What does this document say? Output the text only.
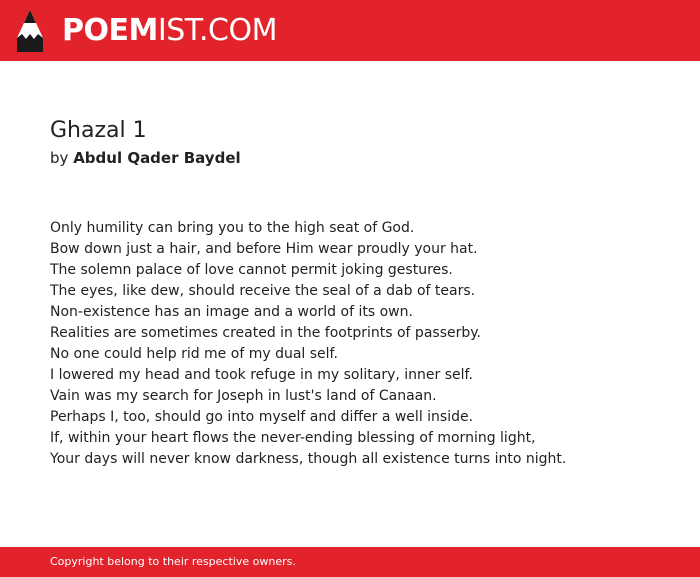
POEMIST.COM
Ghazal 1
by Abdul Qader Baydel
Only humility can bring you to the high seat of God.
Bow down just a hair, and before Him wear proudly your hat.
The solemn palace of love cannot permit joking gestures.
The eyes, like dew, should receive the seal of a dab of tears.
Non-existence has an image and a world of its own.
Realities are sometimes created in the footprints of passerby.
No one could help rid me of my dual self.
I lowered my head and took refuge in my solitary, inner self.
Vain was my search for Joseph in lust's land of Canaan.
Perhaps I, too, should go into myself and differ a well inside.
If, within your heart flows the never-ending blessing of morning light,
Your days will never know darkness, though all existence turns into night.
Copyright belong to their respective owners.
